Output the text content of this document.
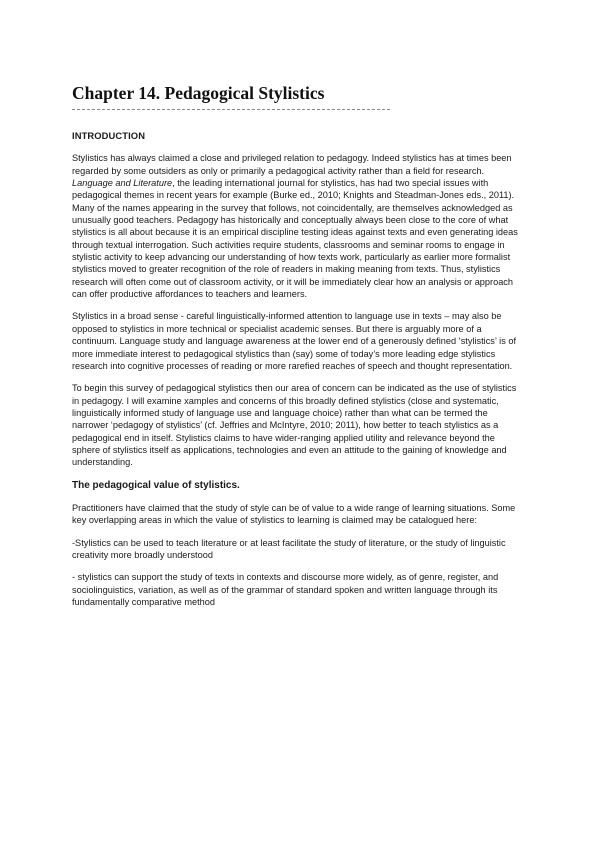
Chapter 14. Pedagogical Stylistics
INTRODUCTION

Stylistics has always claimed a close and privileged relation to pedagogy. Indeed stylistics has at times been regarded by some outsiders as only or primarily a pedagogical activity rather than a field for research. Language and Literature, the leading international journal for stylistics, has had two special issues with pedagogical themes in recent years for example (Burke ed., 2010; Knights and Steadman-Jones eds., 2011). Many of the names appearing in the survey that follows, not coincidentally, are themselves acknowledged as unusually good teachers. Pedagogy has historically and conceptually always been close to the core of what stylistics is all about because it is an empirical discipline testing ideas against texts and even generating ideas through textual interrogation. Such activities require students, classrooms and seminar rooms to engage in stylistic activity to keep advancing our understanding of how texts work, particularly as earlier more formalist stylistics moved to greater recognition of the role of readers in making meaning from texts. Thus, stylistics research will often come out of classroom activity, or it will be immediately clear how an analysis or approach can offer productive affordances to teachers and learners.

Stylistics in a broad sense - careful linguistically-informed attention to language use in texts – may also be opposed to stylistics in more technical or specialist academic senses. But there is arguably more of a continuum. Language study and language awareness at the lower end of a generously defined ‘stylistics’ is of more immediate interest to pedagogical stylistics than (say) some of today’s more leading edge stylistics research into cognitive processes of reading or more rarefied reaches of speech and thought representation.

To begin this survey of pedagogical stylistics then our area of concern can be indicated as the use of stylistics in pedagogy. I will examine xamples and concerns of this broadly defined stylistics (close and systematic, linguistically informed study of language use and language choice) rather than what can be termed the narrower ‘pedagogy of stylistics’ (cf. Jeffries and McIntyre, 2010; 2011), how better to teach stylistics as a pedagogical end in itself. Stylistics claims to have wider-ranging applied utility and relevance beyond the sphere of stylistics itself as applications, technologies and even an attitude to the gaining of knowledge and understanding.

The pedagogical value of stylistics.

Practitioners have claimed that the study of style can be of value to a wide range of learning situations. Some key overlapping areas in which the value of stylistics to learning is claimed may be catalogued here:

-Stylistics can be used to teach literature or at least facilitate the study of literature, or the study of linguistic creativity more broadly understood

- stylistics can support the study of texts in contexts and discourse more widely, as of genre, register, and sociolinguistics, variation, as well as of the grammar of standard spoken and written language through its fundamentally comparative method
